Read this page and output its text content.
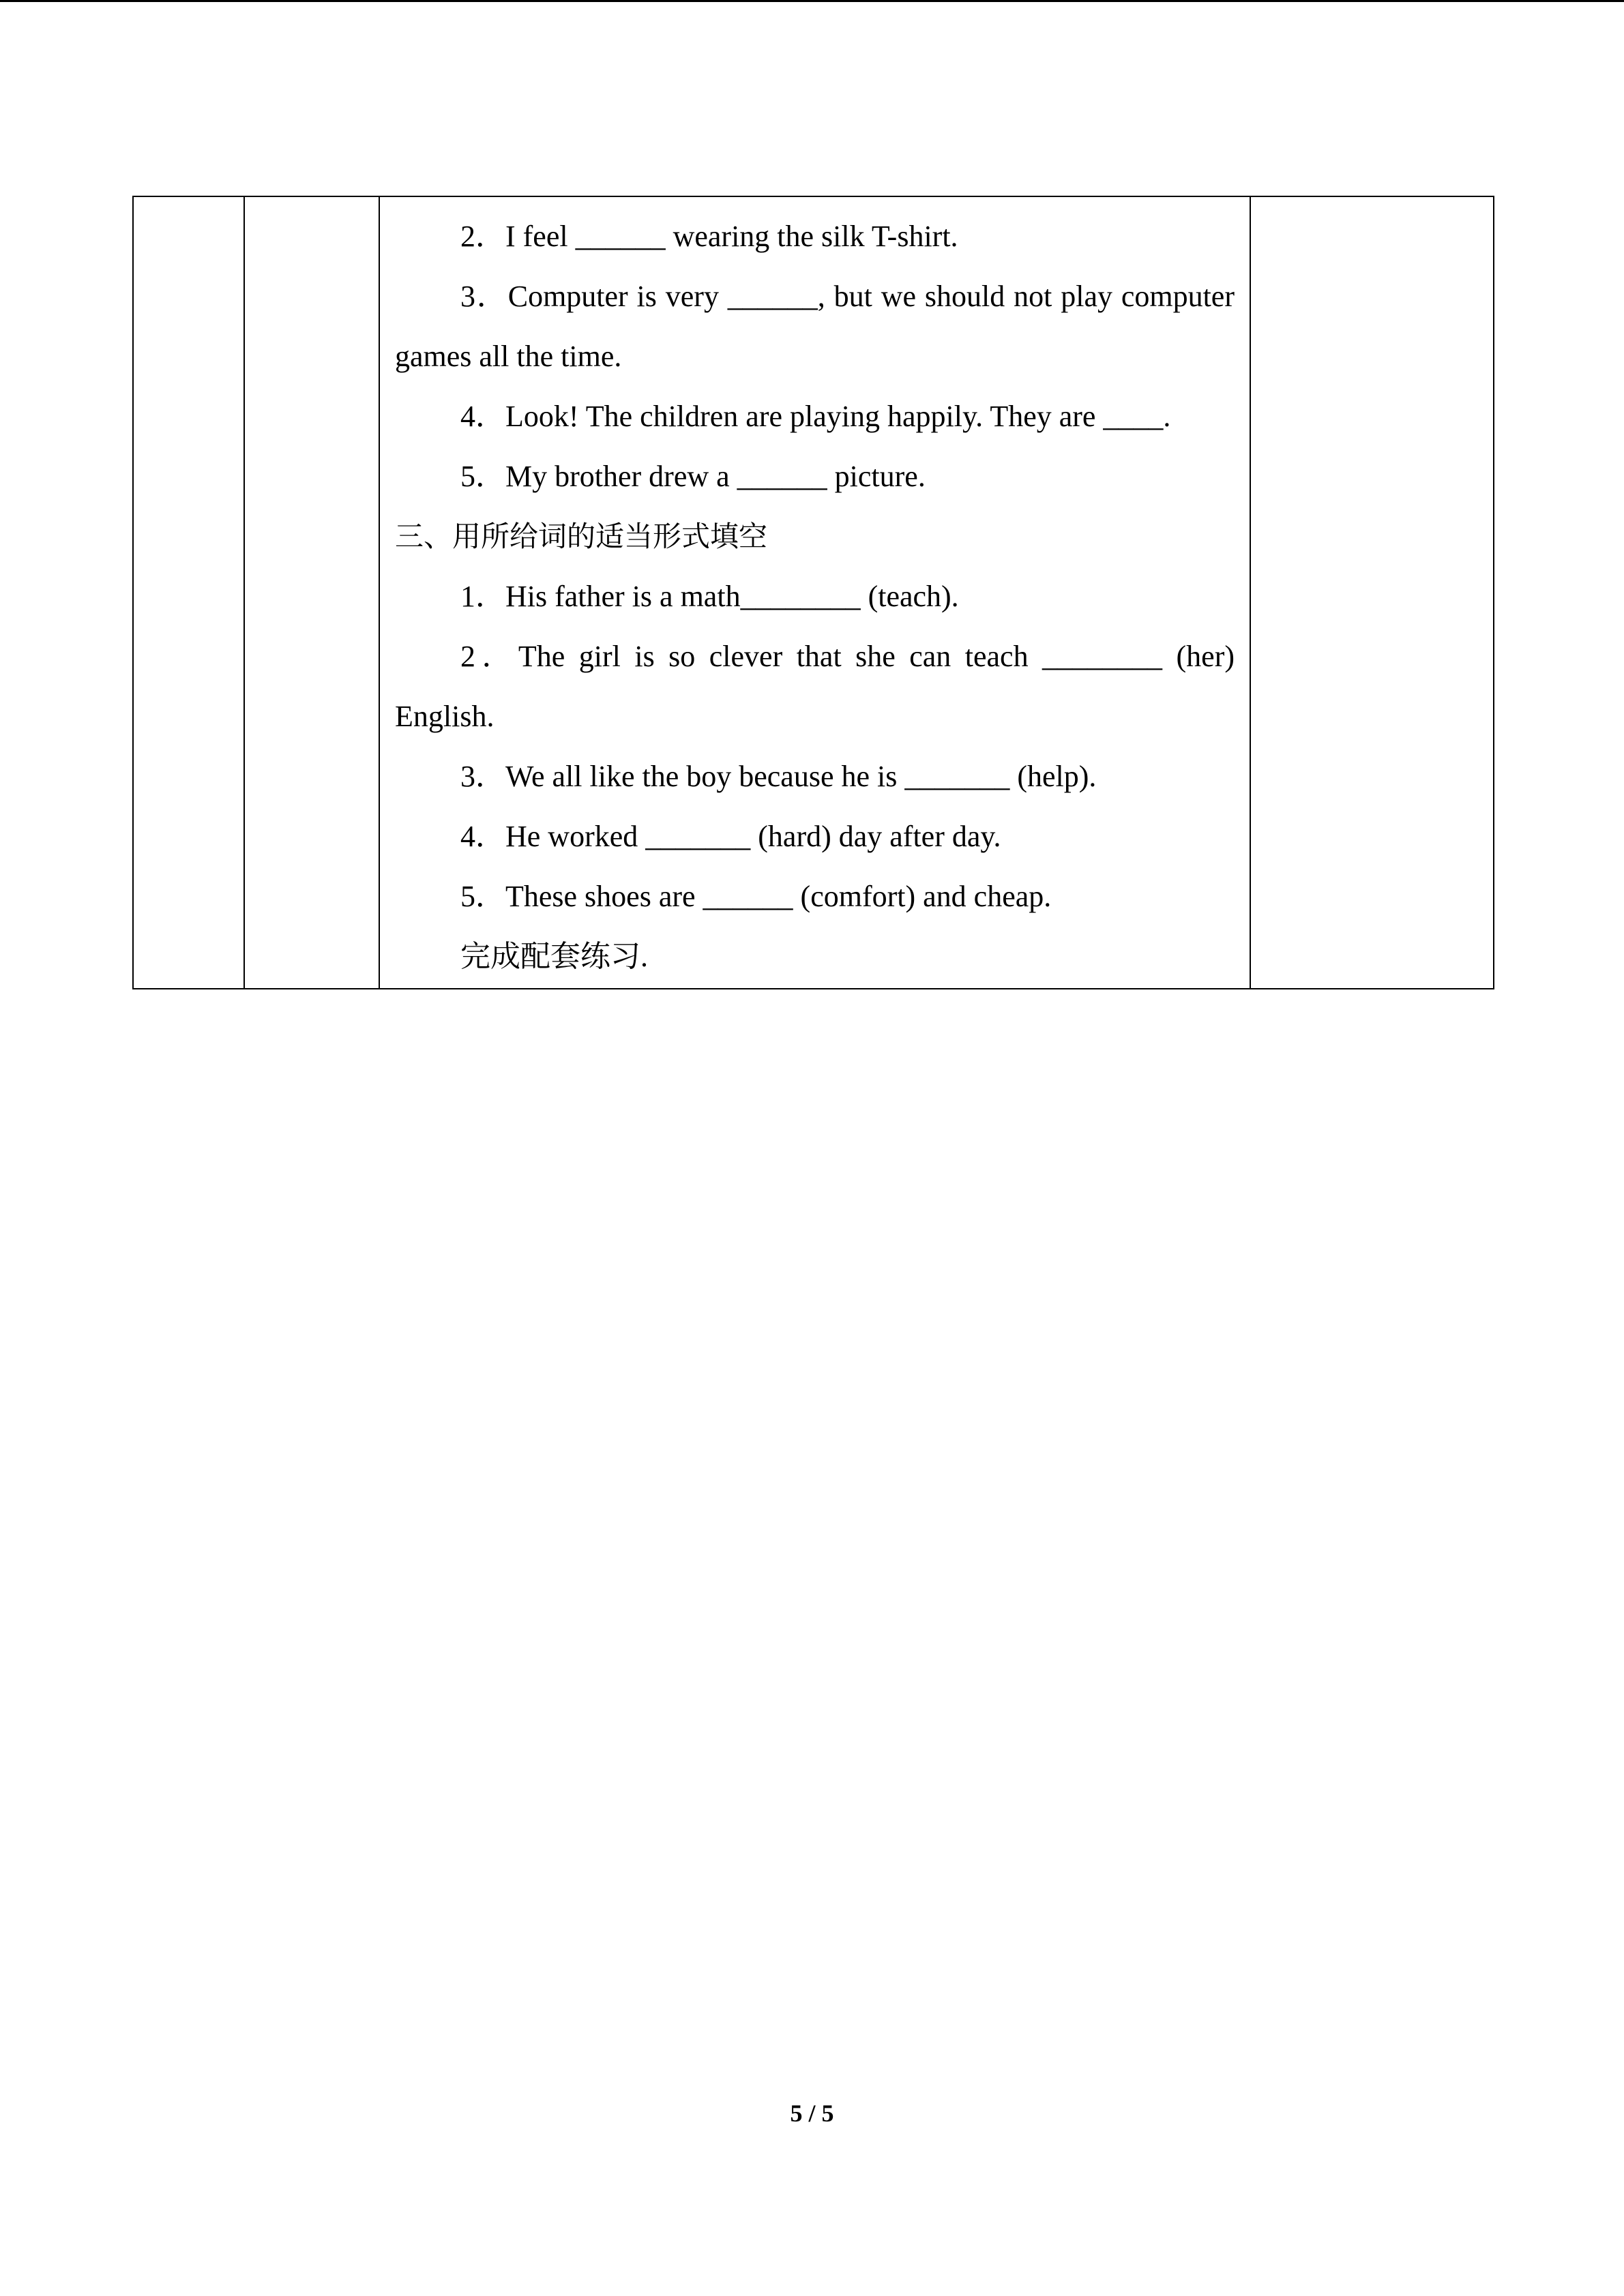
2．I feel ______ wearing the silk T-shirt.

3．Computer is very ______, but we should not play computer games all the time.

4．Look! The children are playing happily. They are ____.

5．My brother drew a ______ picture.

三、用所给词的适当形式填空

1．His father is a math________ (teach).

2．The girl is so clever that she can teach ________ (her) English.

3．We all like the boy because he is _______ (help).

4．He worked _______ (hard) day after day.

5．These shoes are ______ (comfort) and cheap.

完成配套练习.

5 / 5
